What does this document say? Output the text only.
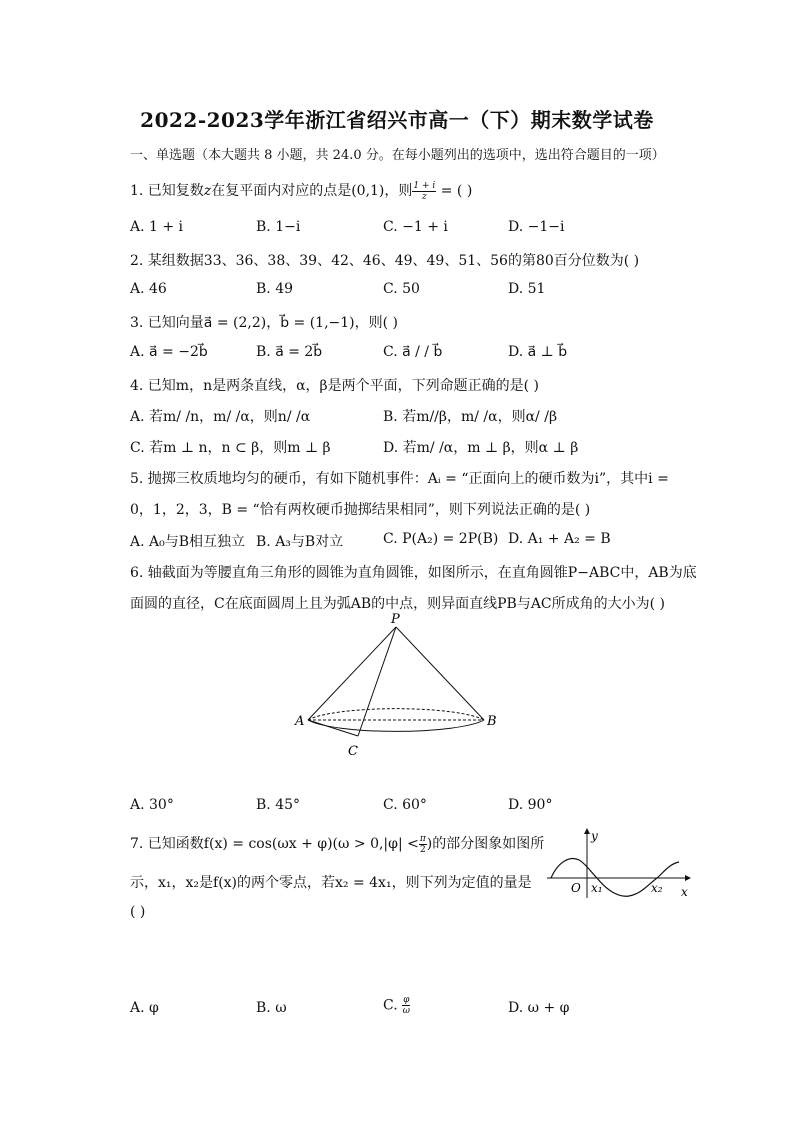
2022-2023学年浙江省绍兴市高一（下）期末数学试卷
一、单选题（本大题共 8 小题，共 24.0 分。在每小题列出的选项中，选出符合题目的一项）
1. 已知复数z在复平面内对应的点是(0,1)，则 $\frac{1 + i}{z}$ = ( )
A. 1 + i	B. 1−i	C. −1 + i	D. −1−i
2. 某组数据33、36、38、39、42、46、49、49、51、56的第80百分位数为( )
A. 46	B. 49	C. 50	D. 51
3. 已知向量a⃗ = (2,2)，b⃗ = (1,−1)，则( )
A. a⃗ = −2b⃗	B. a⃗ = 2b⃗	C. a⃗ / / b⃗	D. a⃗ ⊥ b⃗
4. 已知m，n是两条直线，α，β是两个平面，下列命题正确的是( )
A. 若m/ /n，m/ /α，则n/ /α	B. 若m//β，m/ /α，则α/ /β
C. 若m ⊥ n，n ⊂ β，则m ⊥ β	D. 若m/ /α，m ⊥ β，则α ⊥ β
5. 抛掷三枚质地均匀的硬币，有如下随机事件：Aᵢ = “正面向上的硬币数为i”，其中i =
0，1，2，3，B = “恰有两枚硬币抛掷结果相同”，则下列说法正确的是( )
A. A₀与B相互独立 B. A₃与B对立	C. P(A₂) = 2P(B) D. A₁ + A₂ = B
6. 轴截面为等腰直角三角形的圆锥为直角圆锥，如图所示，在直角圆锥P−ABC中，AB为底
面圆的直径，C在底面圆周上且为弧AB的中点，则异面直线PB与AC所成角的大小为( )
P
A	B
C
A. 30°	B. 45°	C. 60°	D. 90°
7. 已知函数$f(x) = \cos(\omega x + \varphi)(\omega > 0,|\varphi| < \frac{\pi}{2}$ )的部分图象如图所
示，x₁，x₂是f(x)的两个零点，若x₂ = 4x₁，则下列为定值的量是
( )
y
x
O x₁	x₂
A. φ	B. ω	C. $\frac{\varphi}{\omega}$	D. ω + φ
